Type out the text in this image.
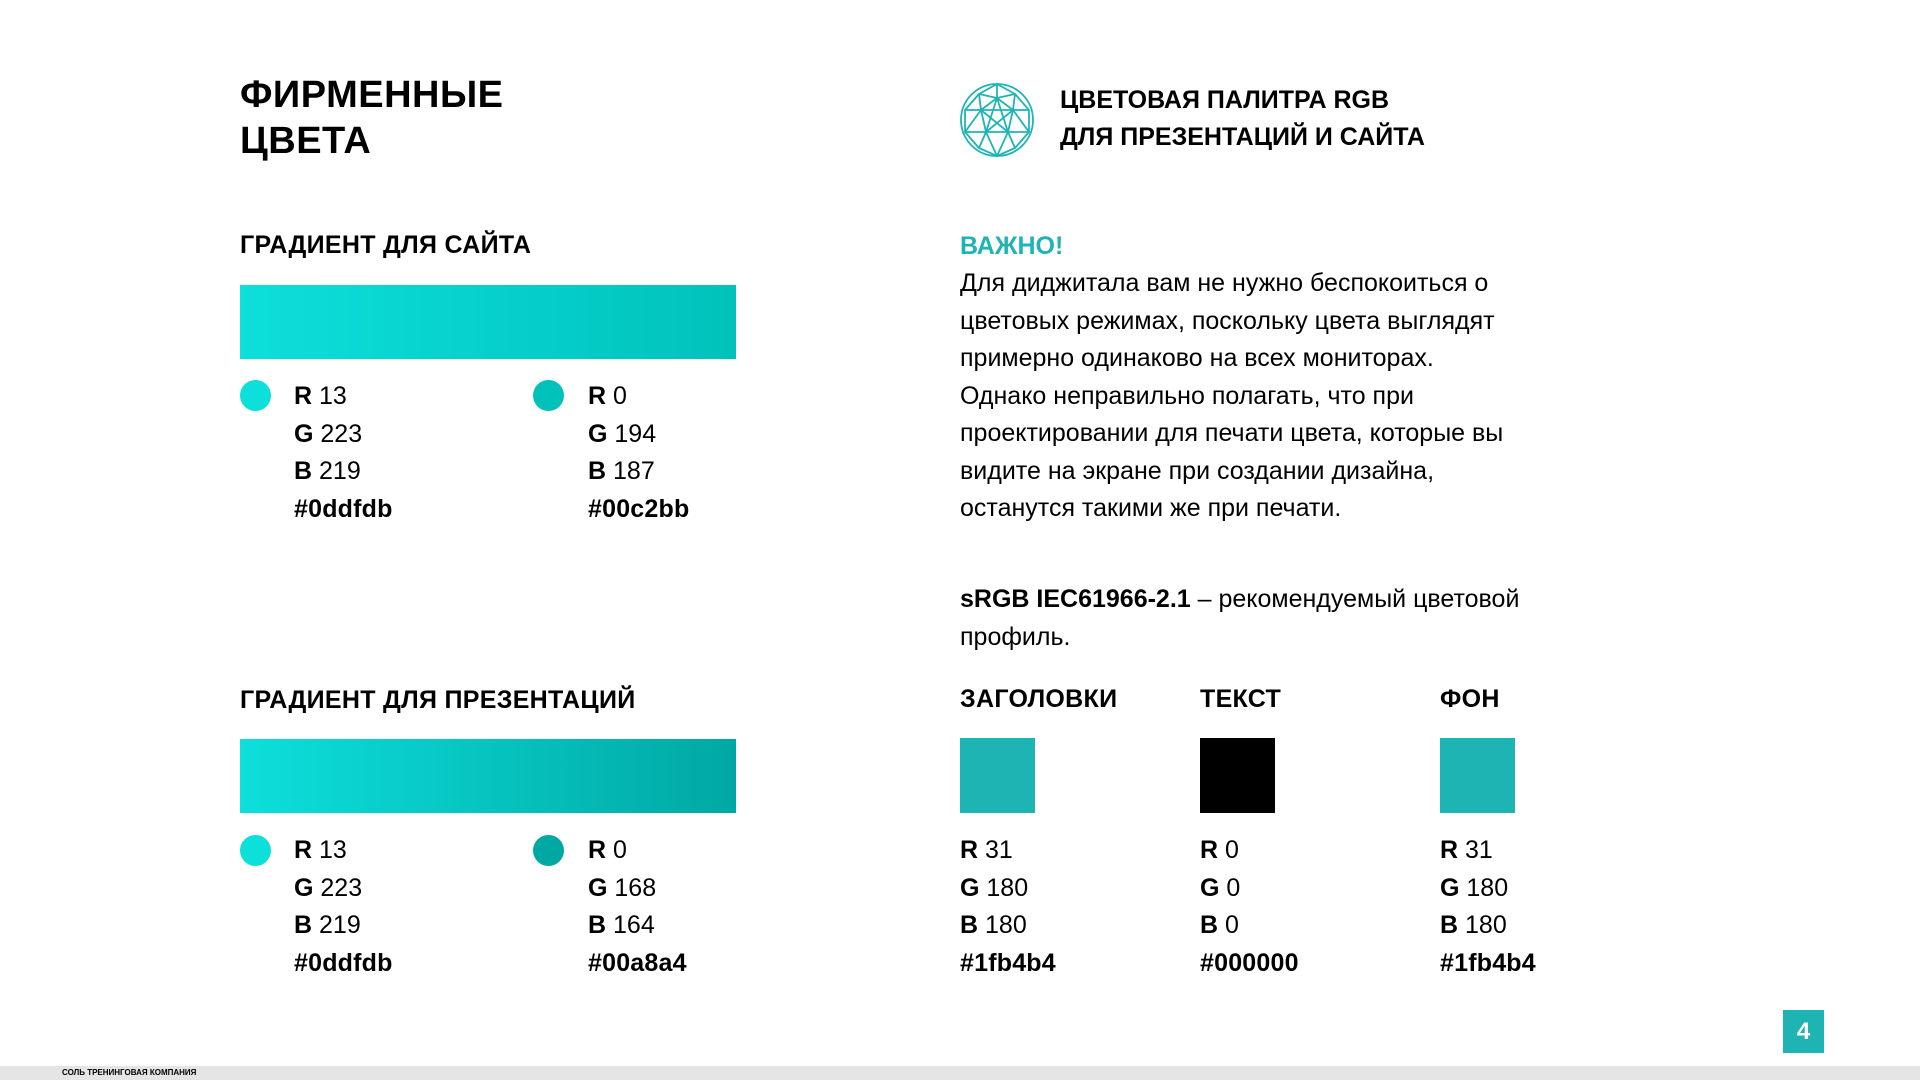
ФИРМЕННЫЕ
ЦВЕТА
ЦВЕТОВАЯ ПАЛИТРА RGB
ДЛЯ ПРЕЗЕНТАЦИЙ И САЙТА
ГРАДИЕНТ ДЛЯ САЙТА
R 13
G 223
B 219
#0ddfdb
R 0
G 194
B 187
#00c2bb
ГРАДИЕНТ ДЛЯ ПРЕЗЕНТАЦИЙ
R 13
G 223
B 219
#0ddfdb
R 0
G 168
B 164
#00a8a4
ВАЖНО!
Для диджитала вам не нужно беспокоиться о цветовых режимах, поскольку цвета выглядят примерно одинаково на всех мониторах.
Однако неправильно полагать, что при проектировании для печати цвета, которые вы видите на экране при создании дизайна, останутся такими же при печати.
sRGB IEC61966-2.1 – рекомендуемый цветовой профиль.
ЗАГОЛОВКИ
R 31
G 180
B 180
#1fb4b4
ТЕКСТ
R 0
G 0
B 0
#000000
ФОН
R 31
G 180
B 180
#1fb4b4
4
СОЛЬ ТРЕНИНГОВАЯ КОМПАНИЯ
